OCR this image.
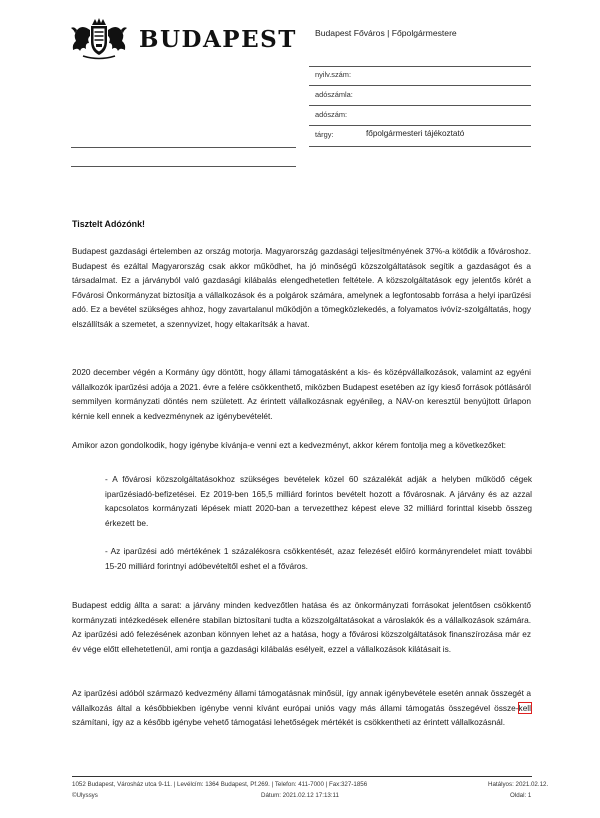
BUDAPEST Budapest Főváros | Főpolgármestere
nyilv.szám:
adószámla:
adószám:
tárgy:	főpolgármesteri tájékoztató
Tisztelt Adózónk!

Budapest gazdasági értelemben az ország motorja. Magyarország gazdasági teljesítményének 37%-a kötődik a fővároshoz. Budapest és ezáltal Magyarország csak akkor működhet, ha jó minőségű közszolgáltatások segítik a gazdaságot és a társadalmat. Ez a járványból való gazdasági kilábalás elengedhetetlen feltétele. A közszolgáltatások egy jelentős körét a Fővárosi Önkormányzat biztosítja a vállalkozások és a polgárok számára, amelynek a legfontosabb forrása a helyi iparűzési adó. Ez a bevétel szükséges ahhoz, hogy zavartalanul működjön a tömegközlekedés, a folyamatos ivóvíz-szolgáltatás, hogy elszállítsák a szemetet, a szennyvizet, hogy eltakarítsák a havat.

2020 december végén a Kormány úgy döntött, hogy állami támogatásként a kis- és középvállalkozások, valamint az egyéni vállalkozók iparűzési adója a 2021. évre a felére csökkenthető, miközben Budapest esetében az így kieső források pótlásáról semmilyen kormányzati döntés nem született. Az érintett vállalkozásnak egyénileg, a NAV-on keresztül benyújtott űrlapon kérnie kell ennek a kedvezménynek az igénybevételét.

Amikor azon gondolkodik, hogy igénybe kívánja-e venni ezt a kedvezményt, akkor kérem fontolja meg a következőket:

- A fővárosi közszolgáltatásokhoz szükséges bevételek közel 60 százalékát adják a helyben működő cégek iparűzésiadó-befizetései. Ez 2019-ben 165,5 milliárd forintos bevételt hozott a fővárosnak. A járvány és az azzal kapcsolatos kormányzati lépések miatt 2020-ban a tervezetthez képest eleve 32 milliárd forinttal kisebb összeg érkezett be.

- Az iparűzési adó mértékének 1 százalékosra csökkentését, azaz felezését előíró kormányrendelet miatt további 15-20 milliárd forintnyi adóbevételtől eshet el a főváros.

Budapest eddig állta a sarat: a járvány minden kedvezőtlen hatása és az önkormányzati forrásokat jelentősen csökkentő kormányzati intézkedések ellenére stabilan biztosítani tudta a közszolgáltatásokat a városlakók és a vállalkozások számára. Az iparűzési adó felezésének azonban könnyen lehet az a hatása, hogy a fővárosi közszolgáltatások finanszírozása már ez év vége előtt ellehetetlenül, ami rontja a gazdasági kilábalás esélyeit, ezzel a vállalkozások kilátásait is.

Az iparűzési adóból származó kedvezmény állami támogatásnak minősül, így annak igénybevétele esetén annak összegét a vállalkozás által a későbbiekben igénybe venni kívánt európai uniós vagy más állami támogatás összegével össze-kell számítani, így az a később igénybe vehető támogatási lehetőségek mértékét is csökkentheti az érintett vállalkozásnál.

1052 Budapest, Városház utca 9-11. | Levélcím: 1364 Budapest, Pf.269. | Telefon: 411-7000 | Fax:327-1856	Hatályos: 2021.02.12.
©Ulyssys	Dátum: 2021.02.12 17:13:11	Oldal: 1
